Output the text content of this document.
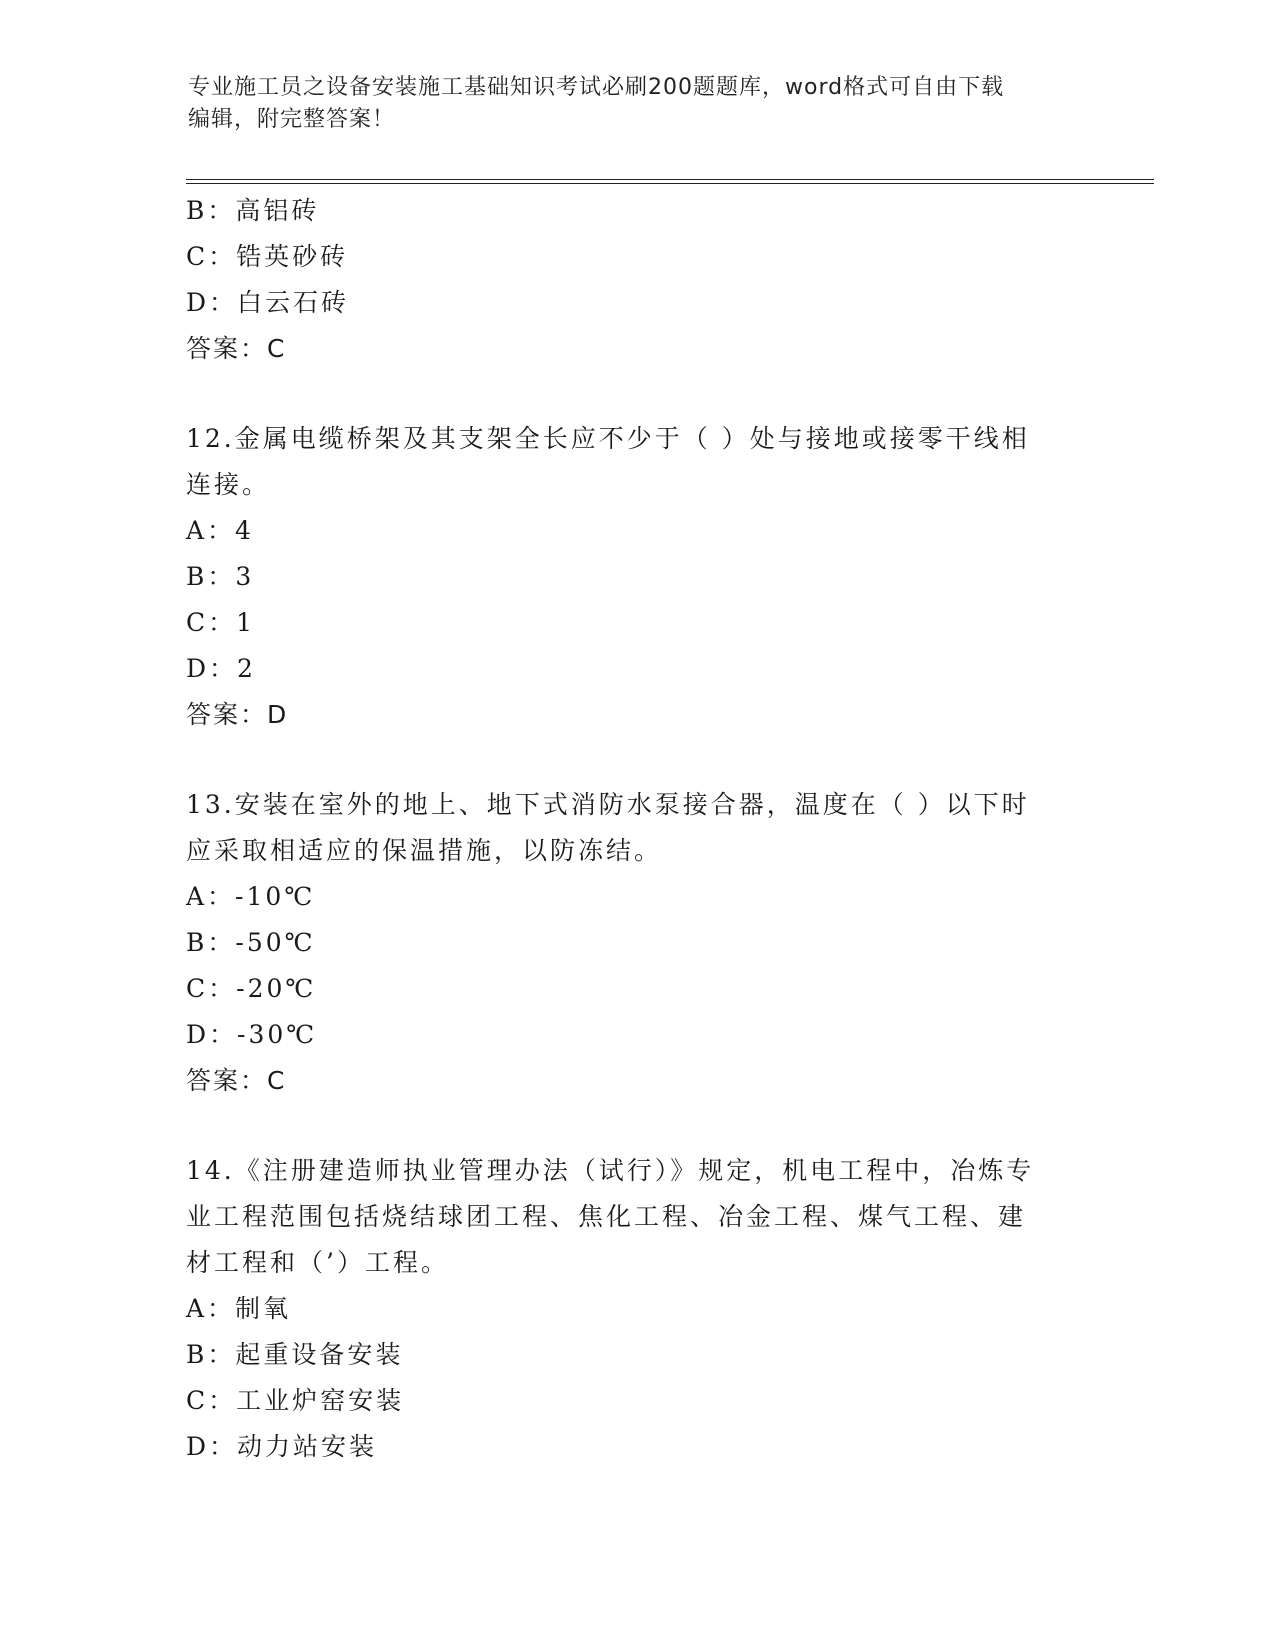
专业施工员之设备安装施工基础知识考试必刷200题题库，word格式可自由下载
编辑，附完整答案！
B：高铝砖
C：锆英砂砖
D：白云石砖
答案：C
12.金属电缆桥架及其支架全长应不少于（ ）处与接地或接零干线相
连接。
A：4
B：3
C：1
D：2
答案：D
13.安装在室外的地上、地下式消防水泵接合器，温度在（ ）以下时
应采取相适应的保温措施，以防冻结。
A：-10℃
B：-50℃
C：-20℃
D：-30℃
答案：C
14.《注册建造师执业管理办法（试行）》规定，机电工程中，冶炼专
业工程范围包括烧结球团工程、焦化工程、冶金工程、煤气工程、建
材工程和（’）工程。
A：制氧
B：起重设备安装
C：工业炉窑安装
D：动力站安装
